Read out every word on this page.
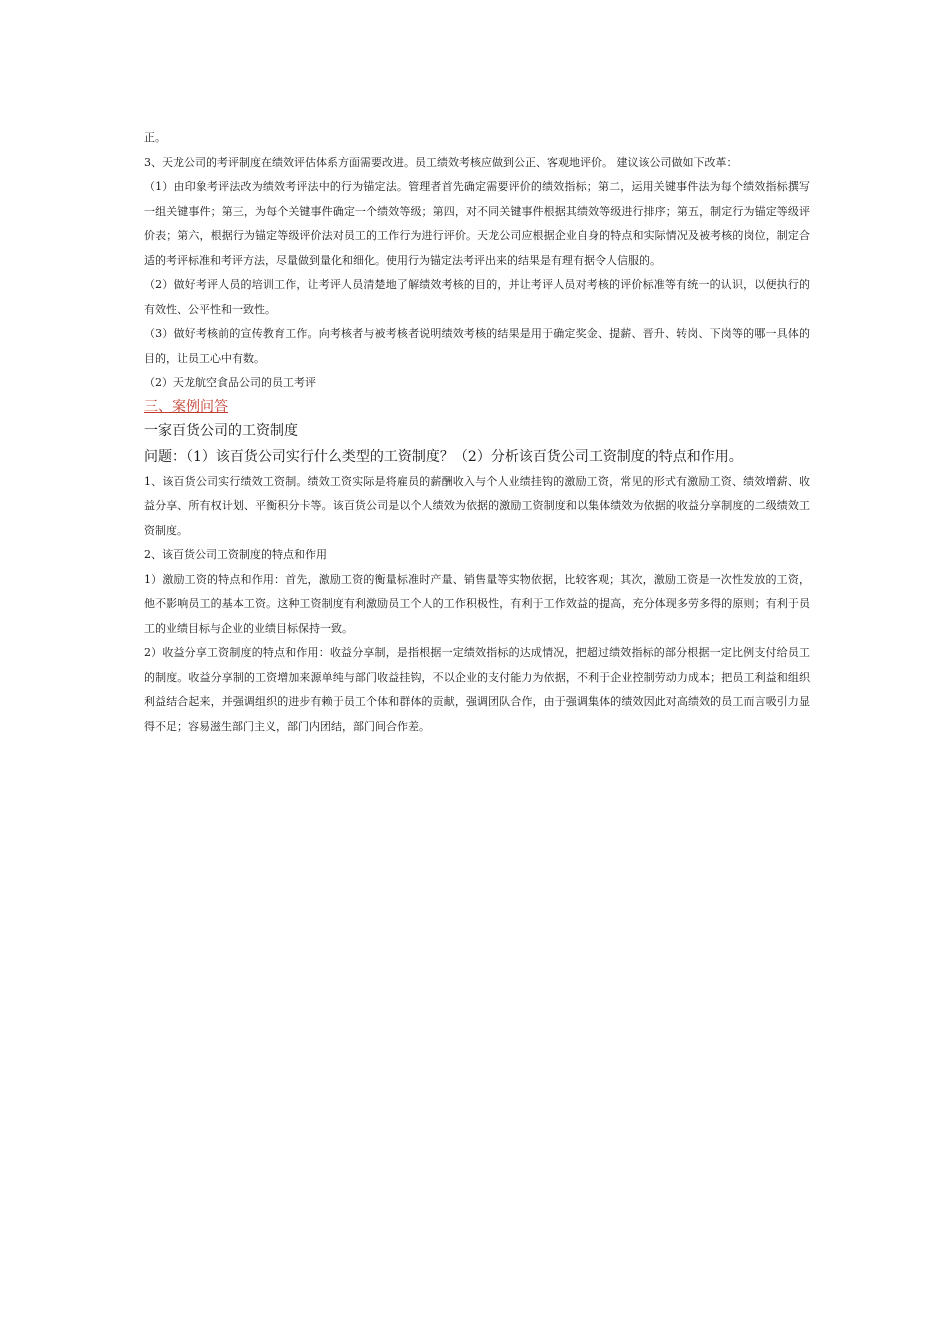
正。

3、天龙公司的考评制度在绩效评估体系方面需要改进。员工绩效考核应做到公正、客观地评价。 建议该公司做如下改革：

（1）由印象考评法改为绩效考评法中的行为锚定法。管理者首先确定需要评价的绩效指标；第二，运用关键事件法为每个绩效指标撰写一组关键事件；第三，为每个关键事件确定一个绩效等级；第四，对不同关键事件根据其绩效等级进行排序；第五，制定行为锚定等级评价表；第六，根据行为锚定等级评价法对员工的工作行为进行评价。天龙公司应根据企业自身的特点和实际情况及被考核的岗位，制定合适的考评标准和考评方法，尽量做到量化和细化。使用行为锚定法考评出来的结果是有理有据令人信服的。

（2）做好考评人员的培训工作，让考评人员清楚地了解绩效考核的目的，并让考评人员对考核的评价标准等有统一的认识，以便执行的有效性、公平性和一致性。

（3）做好考核前的宣传教育工作。向考核者与被考核者说明绩效考核的结果是用于确定奖金、提薪、晋升、转岗、下岗等的哪一具体的目的，让员工心中有数。

（2）天龙航空食品公司的员工考评

三、案例问答

一家百货公司的工资制度

问题：（1）该百货公司实行什么类型的工资制度？（2）分析该百货公司工资制度的特点和作用。

1、该百货公司实行绩效工资制。绩效工资实际是将雇员的薪酬收入与个人业绩挂钩的激励工资，常见的形式有激励工资、绩效增薪、收益分享、所有权计划、平衡积分卡等。该百货公司是以个人绩效为依据的激励工资制度和以集体绩效为依据的收益分享制度的二级绩效工资制度。

2、该百货公司工资制度的特点和作用

1）激励工资的特点和作用：首先，激励工资的衡量标准时产量、销售量等实物依据，比较客观；其次，激励工资是一次性发放的工资，他不影响员工的基本工资。这种工资制度有利激励员工个人的工作积极性，有利于工作效益的提高，充分体现多劳多得的原则；有利于员工的业绩目标与企业的业绩目标保持一致。

2）收益分享工资制度的特点和作用：收益分享制，是指根据一定绩效指标的达成情况，把超过绩效指标的部分根据一定比例支付给员工的制度。收益分享制的工资增加来源单纯与部门收益挂钩，不以企业的支付能力为依据，不利于企业控制劳动力成本；把员工利益和组织利益结合起来，并强调组织的进步有赖于员工个体和群体的贡献，强调团队合作，由于强调集体的绩效因此对高绩效的员工而言吸引力显得不足；容易滋生部门主义，部门内团结，部门间合作差。
